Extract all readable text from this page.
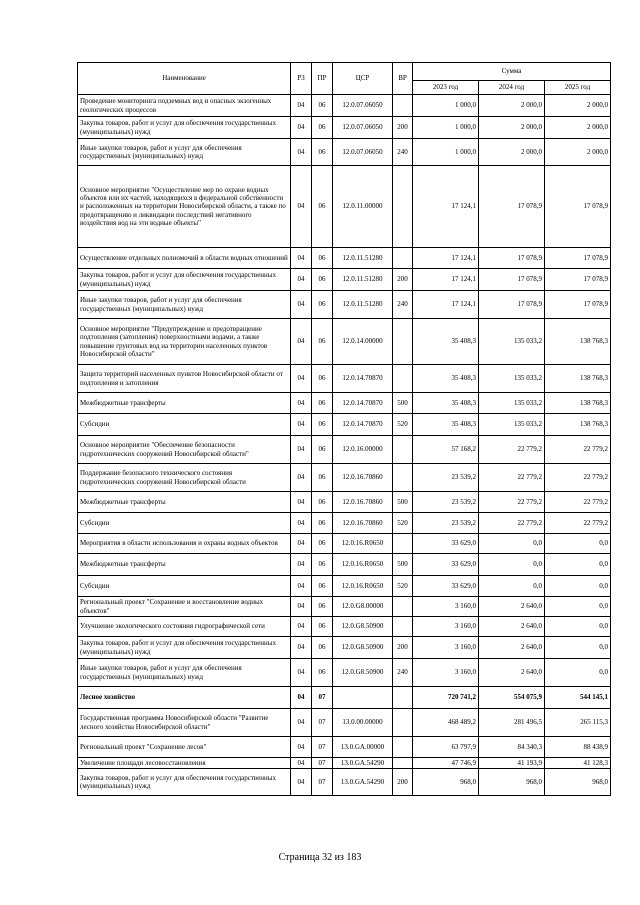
Наименование	РЗ	ПР	ЦСР	ВР	Сумма		
					2023 год	2024 год	2025 год
Проведение мониторинга подземных вод и опасных экзогенных геологических процессов	04	06	12.0.07.06050		1 000,0	2 000,0	2 000,0
Закупка товаров, работ и услуг для обеспечения государственных (муниципальных) нужд	04	06	12.0.07.06050	200	1 000,0	2 000,0	2 000,0
Иные закупки товаров, работ и услуг для обеспечения государственных (муниципальных) нужд	04	06	12.0.07.06050	240	1 000,0	2 000,0	2 000,0
Основное мероприятие "Осуществление мер по охране водных объектов или их частей, находящихся в федеральной собственности и расположенных на территории Новосибирской области, а также по предотвращению и ликвидации последствий негативного воздействия вод на эти водные объекты"	04	06	12.0.11.00000		17 124,1	17 078,9	17 078,9
Осуществление отдельных полномочий в области водных отношений	04	06	12.0.11.51280		17 124,1	17 078,9	17 078,9
Закупка товаров, работ и услуг для обеспечения государственных (муниципальных) нужд	04	06	12.0.11.51280	200	17 124,1	17 078,9	17 078,9
Иные закупки товаров, работ и услуг для обеспечения государственных (муниципальных) нужд	04	06	12.0.11.51280	240	17 124,1	17 078,9	17 078,9
Основное мероприятие "Предупреждение и предотвращение подтопления (затопления) поверхностными водами, а также повышение грунтовых вод на территории населенных пунктов Новосибирской области"	04	06	12.0.14.00000		35 408,3	135 033,2	138 768,3
Защита территорий населенных пунктов Новосибирской области от подтопления и затопления	04	06	12.0.14.70870		35 408,3	135 033,2	138 768,3
Межбюджетные трансферты	04	06	12.0.14.70870	500	35 408,3	135 033,2	138 768,3
Субсидии	04	06	12.0.14.70870	520	35 408,3	135 033,2	138 768,3
Основное мероприятие "Обеспечение безопасности гидротехнических сооружений Новосибирской области"	04	06	12.0.16.00000		57 168,2	22 779,2	22 779,2
Поддержание безопасного технического состояния гидротехнических сооружений Новосибирской области	04	06	12.0.16.70860		23 539,2	22 779,2	22 779,2
Межбюджетные трансферты	04	06	12.0.16.70860	500	23 539,2	22 779,2	22 779,2
Субсидии	04	06	12.0.16.70860	520	23 539,2	22 779,2	22 779,2
Мероприятия в области использования и охраны водных объектов	04	06	12.0.16.R0650		33 629,0	0,0	0,0
Межбюджетные трансферты	04	06	12.0.16.R0650	500	33 629,0	0,0	0,0
Субсидии	04	06	12.0.16.R0650	520	33 629,0	0,0	0,0
Региональный проект "Сохранение и восстановление водных объектов"	04	06	12.0.G8.00000		3 160,0	2 640,0	0,0
Улучшение экологического состояния гидрографической сети	04	06	12.0.G8.50900		3 160,0	2 640,0	0,0
Закупка товаров, работ и услуг для обеспечения государственных (муниципальных) нужд	04	06	12.0.G8.50900	200	3 160,0	2 640,0	0,0
Иные закупки товаров, работ и услуг для обеспечения государственных (муниципальных) нужд	04	06	12.0.G8.50900	240	3 160,0	2 640,0	0,0
Лесное хозяйство	04	07			720 741,2	554 075,9	544 145,1
Государственная программа Новосибирской области "Развитие лесного хозяйства Новосибирской области"	04	07	13.0.00.00000		468 489,2	281 496,5	265 115,3
Региональный проект "Сохранение лесов"	04	07	13.0.GA.00000		63 797,9	84 340,3	88 438,9
Увеличение площади лесовосстановления	04	07	13.0.GA.54290		47 746,9	41 193,9	41 128,3
Закупка товаров, работ и услуг для обеспечения государственных (муниципальных) нужд	04	07	13.0.GA.54290	200	968,0	968,0	968,0
Страница 32 из 183
